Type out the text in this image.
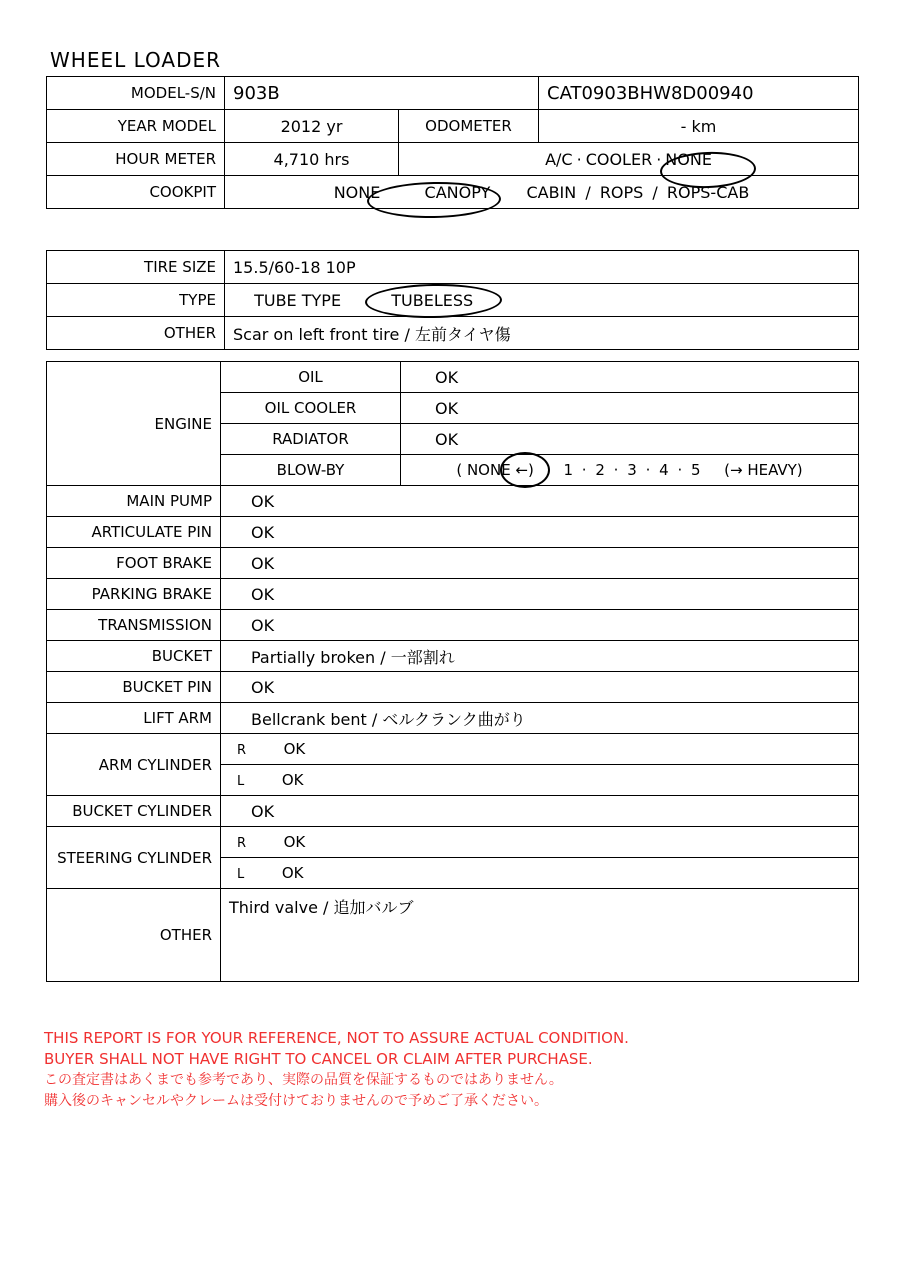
WHEEL LOADER
MODEL-S/N	903B		CAT0903BHW8D00940
YEAR MODEL	2012 yr	ODOMETER	- km
HOUR METER	4,710 hrs	A/C · COOLER · NONE	
COOKPIT	NONE CANOPY CABIN / ROPS / ROPS-CAB		
TIRE SIZE	15.5/60-18 10P
TYPE	TUBE TYPE TUBELESS
OTHER	Scar on left front tire / 左前タイヤ傷
ENGINE	OIL	OK
	OIL COOLER	OK
	RADIATOR	OK
	BLOW-BY	( NONE ←) 1 · 2 · 3 · 4 · 5 (→ HEAVY)
MAIN PUMP	OK	
ARTICULATE PIN	OK	
FOOT BRAKE	OK	
PARKING BRAKE	OK	
TRANSMISSION	OK	
BUCKET	Partially broken / 一部割れ	
BUCKET PIN	OK	
LIFT ARM	Bellcrank bent / ベルクランク曲がり	
ARM CYLINDER	R OK	
	L OK	
BUCKET CYLINDER	OK	
STEERING CYLINDER	R OK	
	L OK	
OTHER	Third valve / 追加バルブ	
THIS REPORT IS FOR YOUR REFERENCE, NOT TO ASSURE ACTUAL CONDITION.
BUYER SHALL NOT HAVE RIGHT TO CANCEL OR CLAIM AFTER PURCHASE.
この査定書はあくまでも参考であり、実際の品質を保証するものではありません。
購入後のキャンセルやクレームは受付けておりませんので予めご了承ください。
